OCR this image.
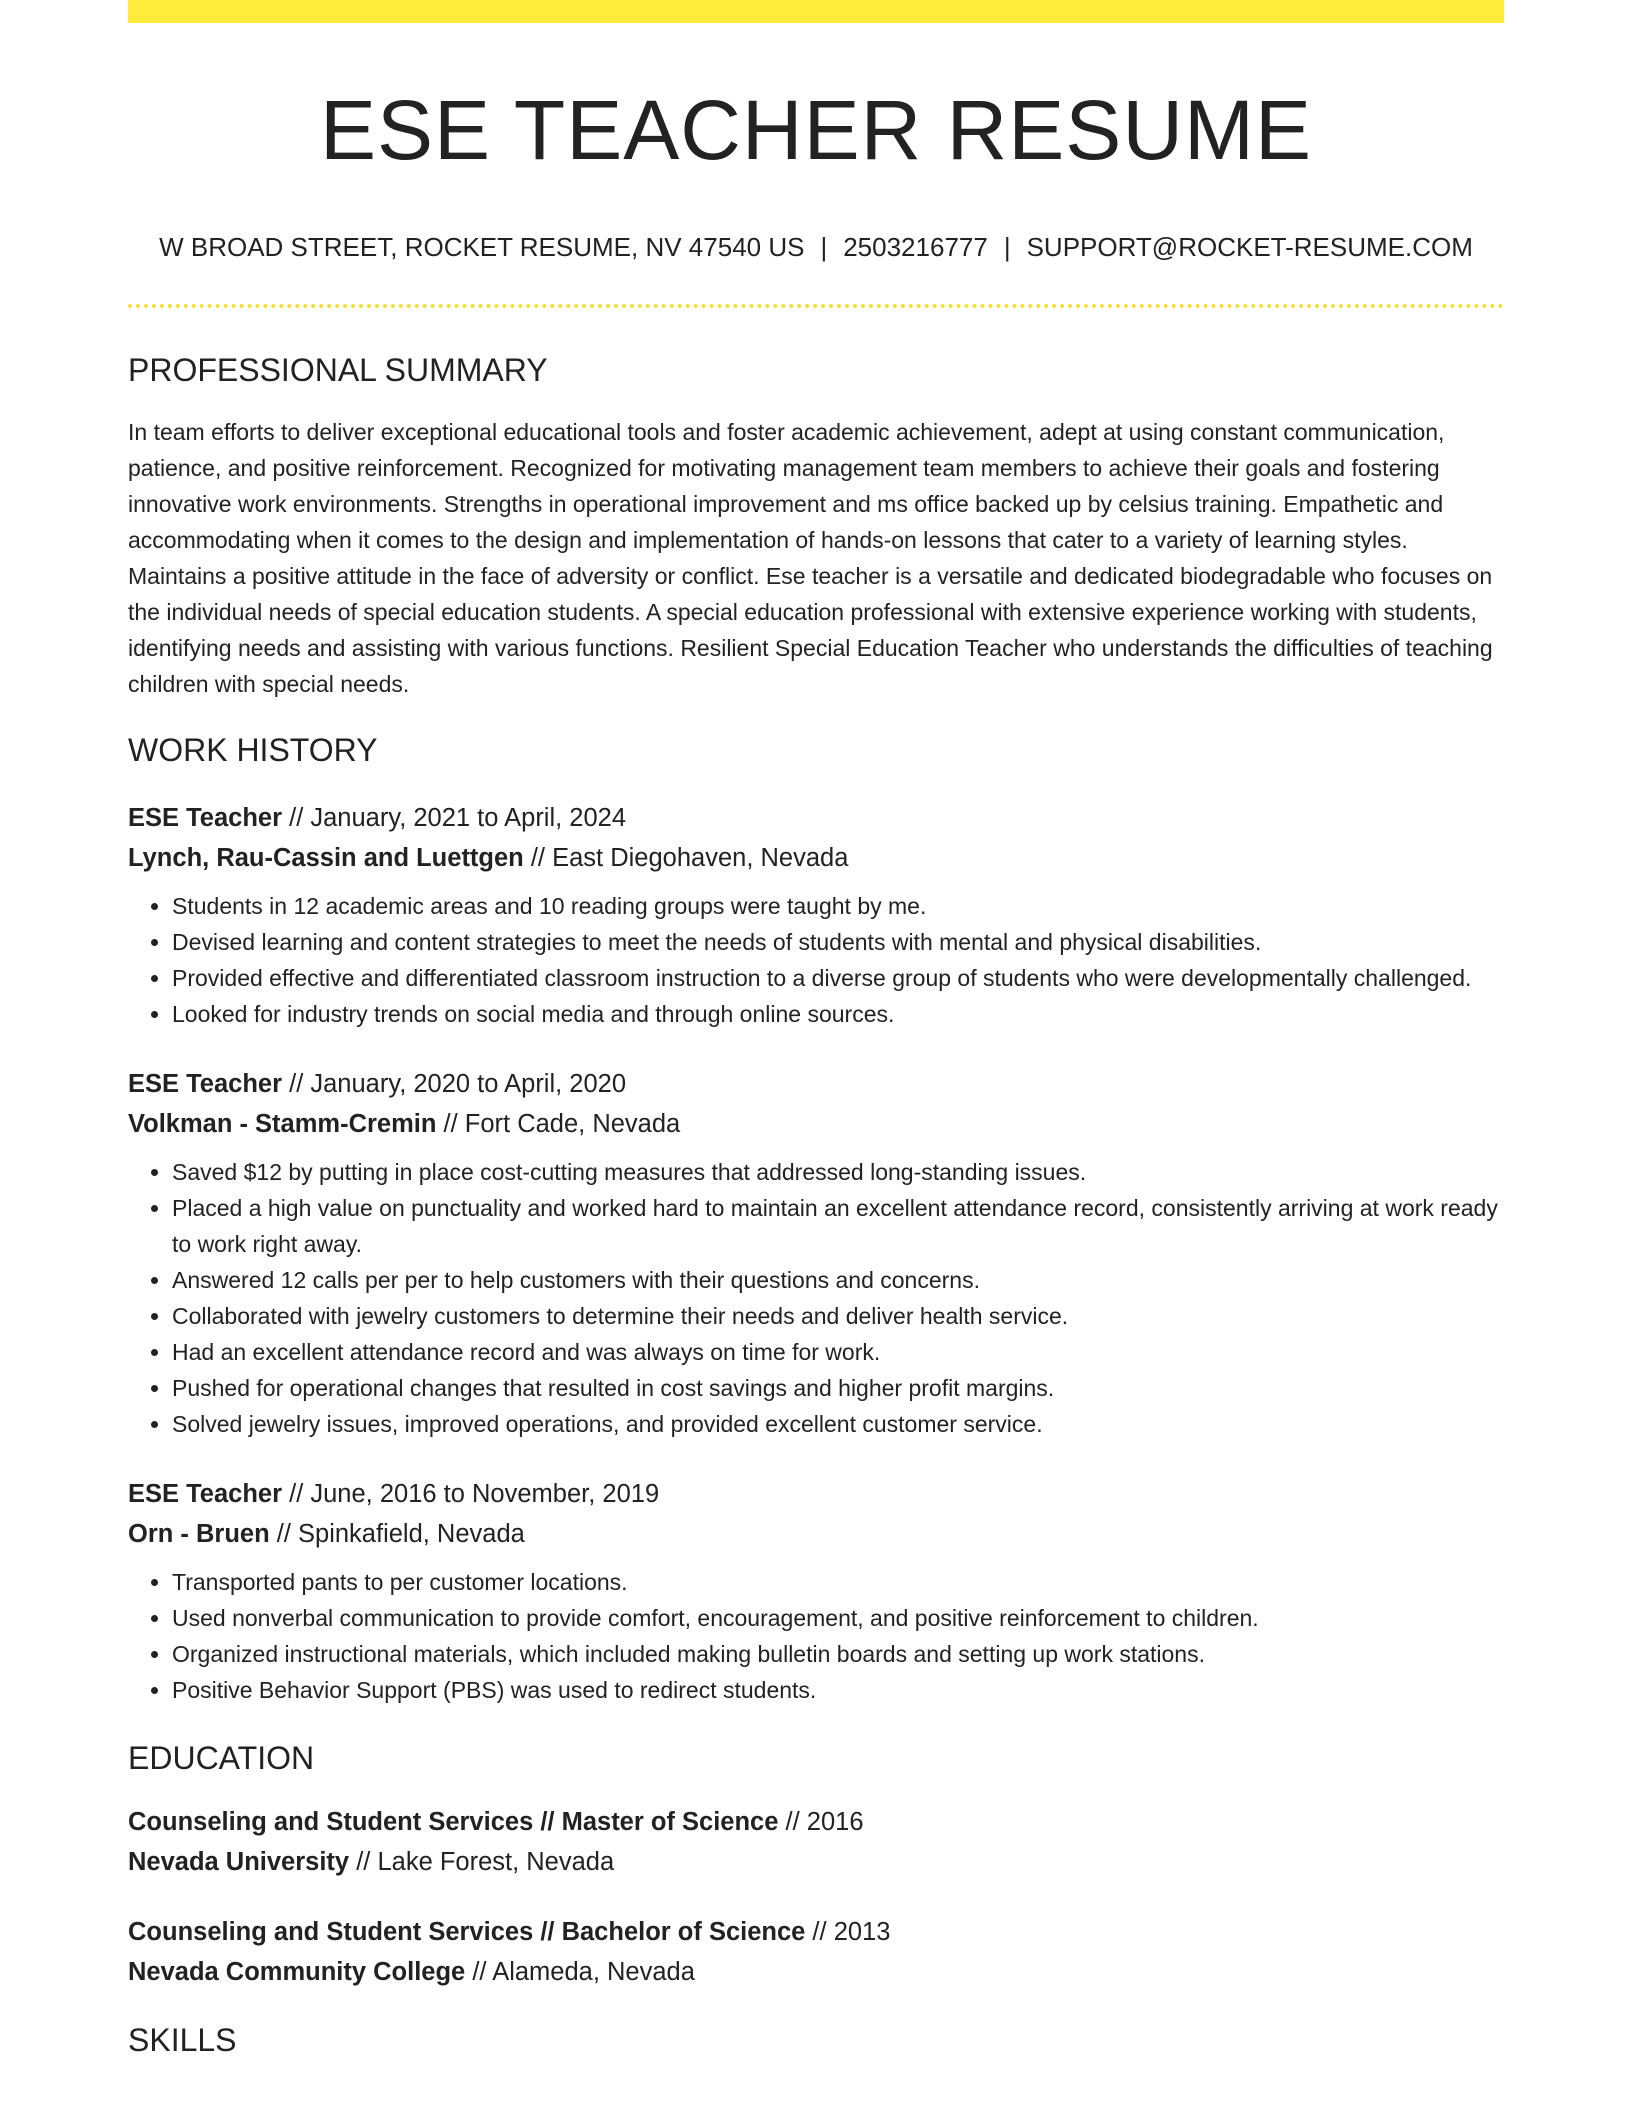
ESE TEACHER RESUME
W BROAD STREET, ROCKET RESUME, NV 47540 US | 2503216777 | SUPPORT@ROCKET-RESUME.COM
PROFESSIONAL SUMMARY
In team efforts to deliver exceptional educational tools and foster academic achievement, adept at using constant communication, patience, and positive reinforcement. Recognized for motivating management team members to achieve their goals and fostering innovative work environments. Strengths in operational improvement and ms office backed up by celsius training. Empathetic and accommodating when it comes to the design and implementation of hands-on lessons that cater to a variety of learning styles. Maintains a positive attitude in the face of adversity or conflict. Ese teacher is a versatile and dedicated biodegradable who focuses on the individual needs of special education students. A special education professional with extensive experience working with students, identifying needs and assisting with various functions. Resilient Special Education Teacher who understands the difficulties of teaching children with special needs.
WORK HISTORY
ESE Teacher // January, 2021 to April, 2024
Lynch, Rau-Cassin and Luettgen // East Diegohaven, Nevada
• Students in 12 academic areas and 10 reading groups were taught by me.
• Devised learning and content strategies to meet the needs of students with mental and physical disabilities.
• Provided effective and differentiated classroom instruction to a diverse group of students who were developmentally challenged.
• Looked for industry trends on social media and through online sources.
ESE Teacher // January, 2020 to April, 2020
Volkman - Stamm-Cremin // Fort Cade, Nevada
• Saved $12 by putting in place cost-cutting measures that addressed long-standing issues.
• Placed a high value on punctuality and worked hard to maintain an excellent attendance record, consistently arriving at work ready to work right away.
• Answered 12 calls per per to help customers with their questions and concerns.
• Collaborated with jewelry customers to determine their needs and deliver health service.
• Had an excellent attendance record and was always on time for work.
• Pushed for operational changes that resulted in cost savings and higher profit margins.
• Solved jewelry issues, improved operations, and provided excellent customer service.
ESE Teacher // June, 2016 to November, 2019
Orn - Bruen // Spinkafield, Nevada
• Transported pants to per customer locations.
• Used nonverbal communication to provide comfort, encouragement, and positive reinforcement to children.
• Organized instructional materials, which included making bulletin boards and setting up work stations.
• Positive Behavior Support (PBS) was used to redirect students.
EDUCATION
Counseling and Student Services // Master of Science // 2016
Nevada University // Lake Forest, Nevada
Counseling and Student Services // Bachelor of Science // 2013
Nevada Community College // Alameda, Nevada
SKILLS
